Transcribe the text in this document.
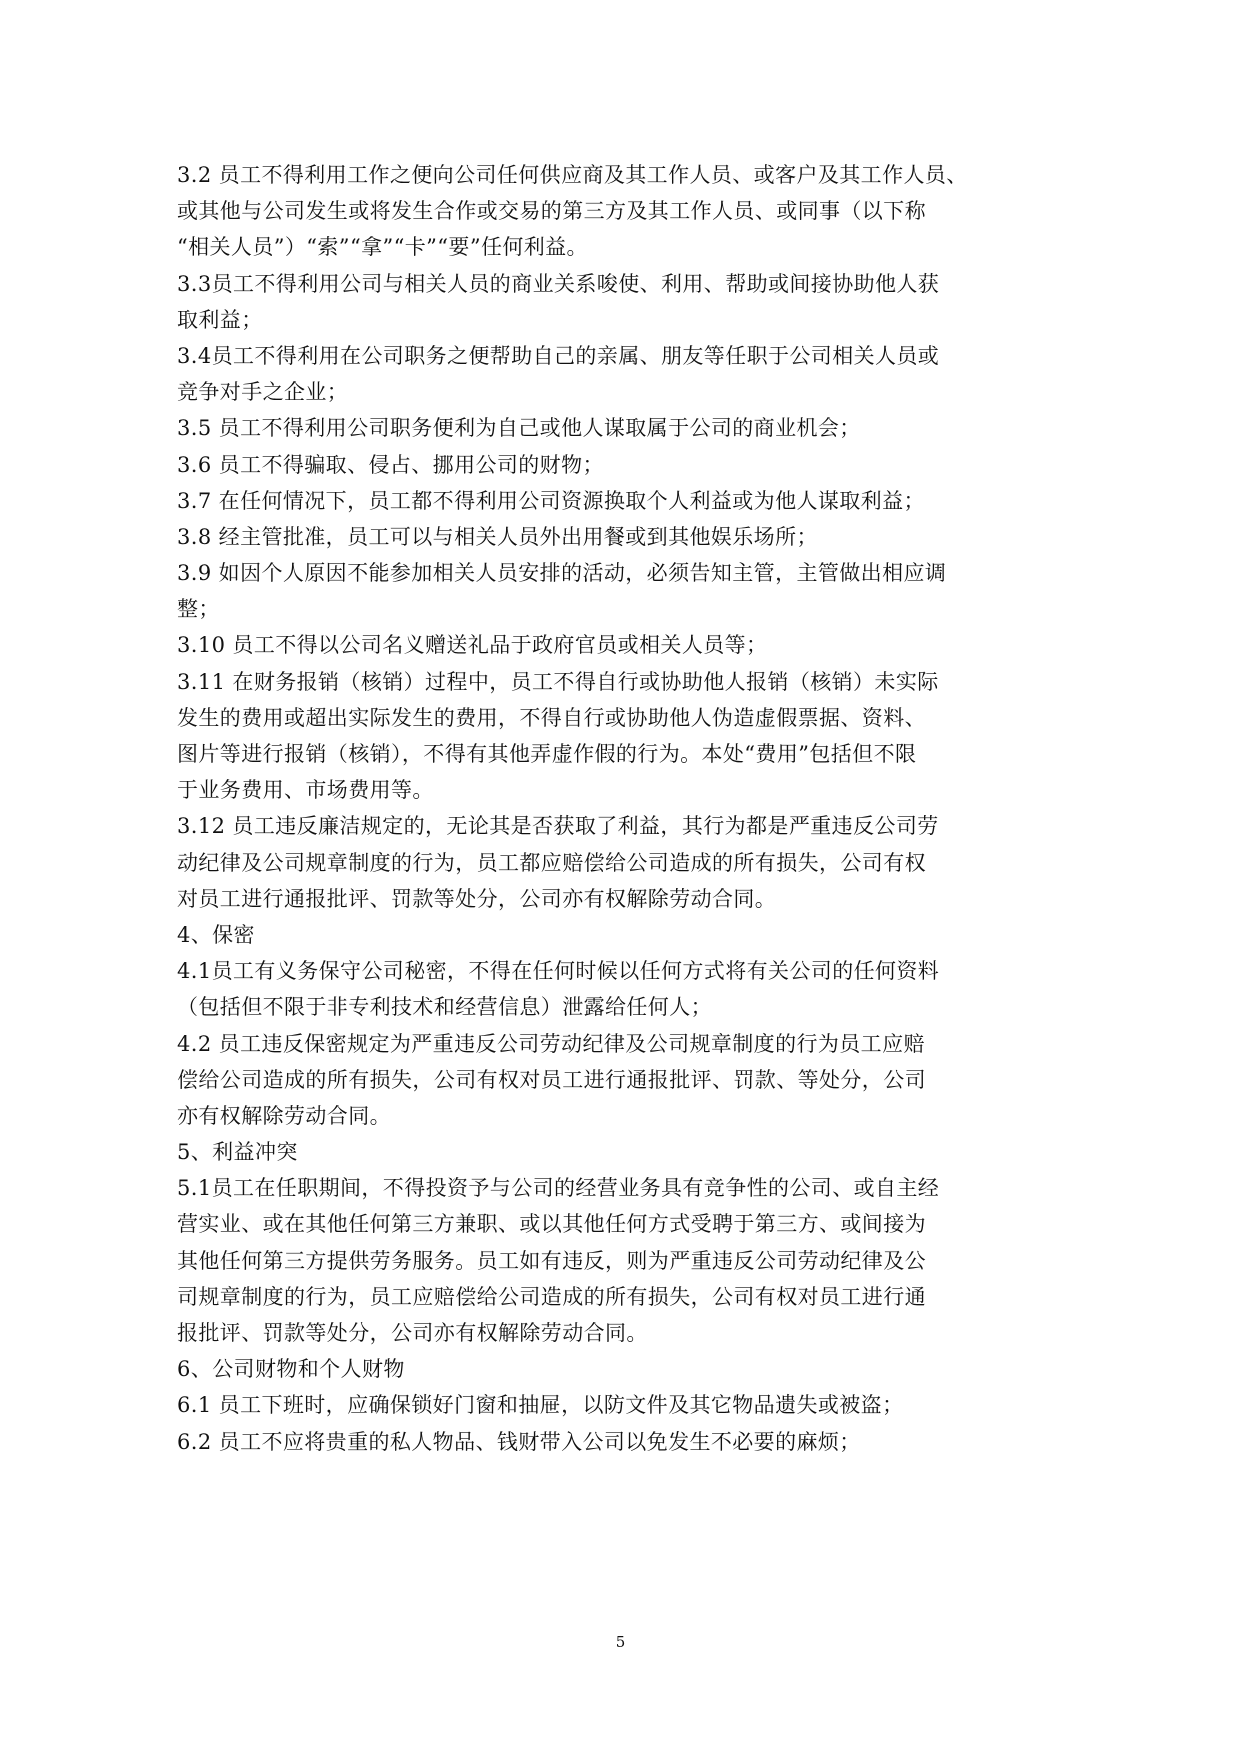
3.2 员工不得利用工作之便向公司任何供应商及其工作人员、或客户及其工作人员、
或其他与公司发生或将发生合作或交易的第三方及其工作人员、或同事（以下称
“相关人员”）“索”“拿”“卡”“要”任何利益。
3.3员工不得利用公司与相关人员的商业关系唆使、利用、帮助或间接协助他人获
取利益；
3.4员工不得利用在公司职务之便帮助自己的亲属、朋友等任职于公司相关人员或
竞争对手之企业；
3.5 员工不得利用公司职务便利为自己或他人谋取属于公司的商业机会；
3.6 员工不得骗取、侵占、挪用公司的财物；
3.7 在任何情况下，员工都不得利用公司资源换取个人利益或为他人谋取利益；
3.8 经主管批准，员工可以与相关人员外出用餐或到其他娱乐场所；
3.9 如因个人原因不能参加相关人员安排的活动，必须告知主管，主管做出相应调
整；
3.10 员工不得以公司名义赠送礼品于政府官员或相关人员等；
3.11 在财务报销（核销）过程中，员工不得自行或协助他人报销（核销）未实际
发生的费用或超出实际发生的费用，不得自行或协助他人伪造虚假票据、资料、
图片等进行报销（核销），不得有其他弄虚作假的行为。本处“费用”包括但不限
于业务费用、市场费用等。
3.12 员工违反廉洁规定的，无论其是否获取了利益，其行为都是严重违反公司劳
动纪律及公司规章制度的行为，员工都应赔偿给公司造成的所有损失，公司有权
对员工进行通报批评、罚款等处分，公司亦有权解除劳动合同。
4、保密
4.1员工有义务保守公司秘密，不得在任何时候以任何方式将有关公司的任何资料
（包括但不限于非专利技术和经营信息）泄露给任何人；
4.2 员工违反保密规定为严重违反公司劳动纪律及公司规章制度的行为员工应赔
偿给公司造成的所有损失，公司有权对员工进行通报批评、罚款、等处分，公司
亦有权解除劳动合同。
5、利益冲突
5.1员工在任职期间，不得投资予与公司的经营业务具有竞争性的公司、或自主经
营实业、或在其他任何第三方兼职、或以其他任何方式受聘于第三方、或间接为
其他任何第三方提供劳务服务。员工如有违反，则为严重违反公司劳动纪律及公
司规章制度的行为，员工应赔偿给公司造成的所有损失，公司有权对员工进行通
报批评、罚款等处分，公司亦有权解除劳动合同。
6、公司财物和个人财物
6.1 员工下班时，应确保锁好门窗和抽屉，以防文件及其它物品遗失或被盗；
6.2 员工不应将贵重的私人物品、钱财带入公司以免发生不必要的麻烦；
5
